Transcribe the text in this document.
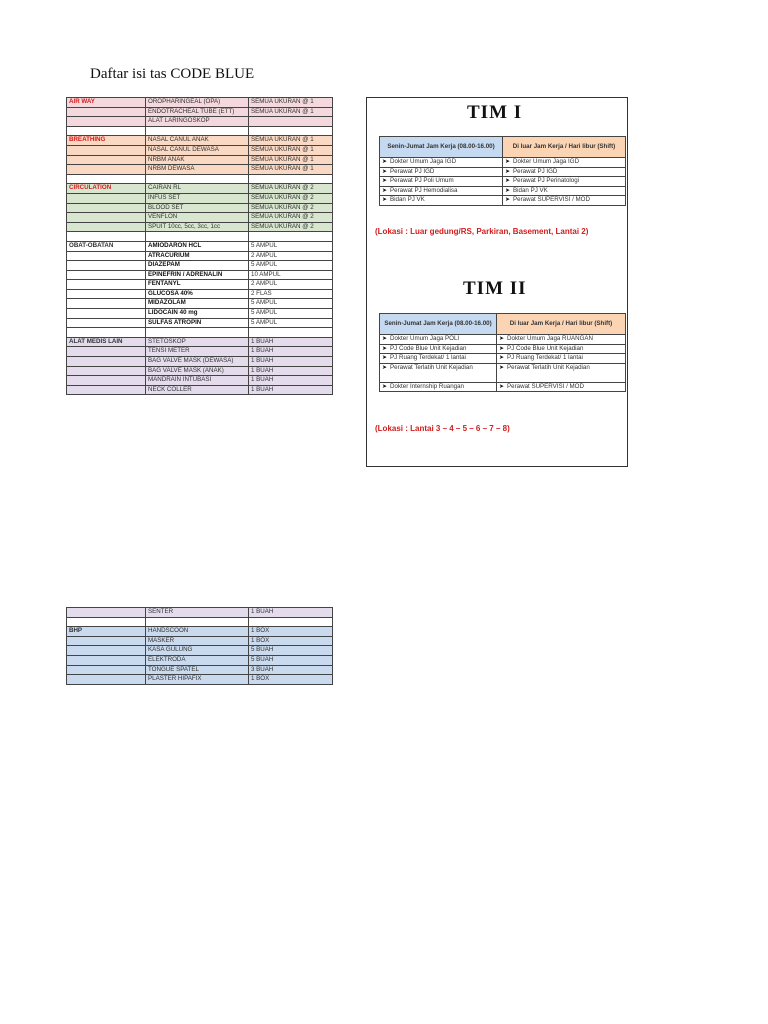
Daftar isi tas CODE BLUE
AIR WAY	OROPHARINGEAL (OPA)	SEMUA UKURAN @ 1
	ENDOTRACHEAL TUBE (ETT)	SEMUA UKURAN @ 1
	ALAT LARINGOSKOP	

BREATHING	NASAL CANUL ANAK	SEMUA UKURAN @ 1
	NASAL CANUL DEWASA	SEMUA UKURAN @ 1
	NRBM ANAK	SEMUA UKURAN @ 1
	NRBM DEWASA	SEMUA UKURAN @ 1

CIRCULATION	CAIRAN RL	SEMUA UKURAN @ 2
	INFUS SET	SEMUA UKURAN @ 2
	BLOOD SET	SEMUA UKURAN @ 2
	VENFLON	SEMUA UKURAN @ 2
	SPUIT 10cc, 5cc, 3cc, 1cc	SEMUA UKURAN @ 2

OBAT-OBATAN	AMIODARON HCL	5 AMPUL
	ATRACURIUM	2 AMPUL
	DIAZEPAM	5 AMPUL
	EPINEFRIN / ADRENALIN	10 AMPUL
	FENTANYL	2 AMPUL
	GLUCOSA 40%	2 FLAS
	MIDAZOLAM	5 AMPUL
	LIDOCAIN 40 mg	5 AMPUL
	SULFAS ATROPIN	5 AMPUL

ALAT MEDIS LAIN	STETOSKOP	1 BUAH
	TENSI METER	1 BUAH
	BAG VALVE MASK (DEWASA)	1 BUAH
	BAG VALVE MASK (ANAK)	1 BUAH
	MANDRAIN INTUBASI	1 BUAH
	NECK COLLER	1 BUAH
	SENTER	1 BUAH

BHP	HANDSCOON	1 BOX
	MASKER	1 BOX
	KASA GULUNG	5 BUAH
	ELEKTRODA	5 BUAH
	TONGUE SPATEL	3 BUAH
	PLASTER HIPAFIX	1 BOX
TIM I
Senin-Jumat Jam Kerja (08.00-16.00)	Di luar Jam Kerja / Hari libur (Shift)
➤ Dokter Umum Jaga IGD	➤ Dokter Umum Jaga IGD
➤ Perawat PJ IGD	➤ Perawat PJ IGD
➤ Perawat PJ Poli Umum	➤ Perawat PJ Perinatologi
➤ Perawat PJ Hemodialisa	➤ Bidan PJ VK
➤ Bidan PJ VK	➤ Perawat SUPERVISI / MOD
(Lokasi : Luar gedung/RS, Parkiran, Basement, Lantai 2)
TIM II
Senin-Jumat Jam Kerja (08.00-16.00)	Di luar Jam Kerja / Hari libur (Shift)
➤ Dokter Umum Jaga POLI	➤ Dokter Umum Jaga RUANGAN
➤ PJ Code Blue Unit Kejadian	➤ PJ Code Blue Unit Kejadian
➤ PJ Ruang Terdekat/ 1 lantai	➤ PJ Ruang Terdekat/ 1 lantai
➤ Perawat Terlatih Unit Kejadian	➤ Perawat Terlatih Unit Kejadian
➤ Dokter Internship Ruangan	➤ Perawat SUPERVISI / MOD
(Lokasi : Lantai 3 – 4 – 5 – 6 – 7 – 8)
